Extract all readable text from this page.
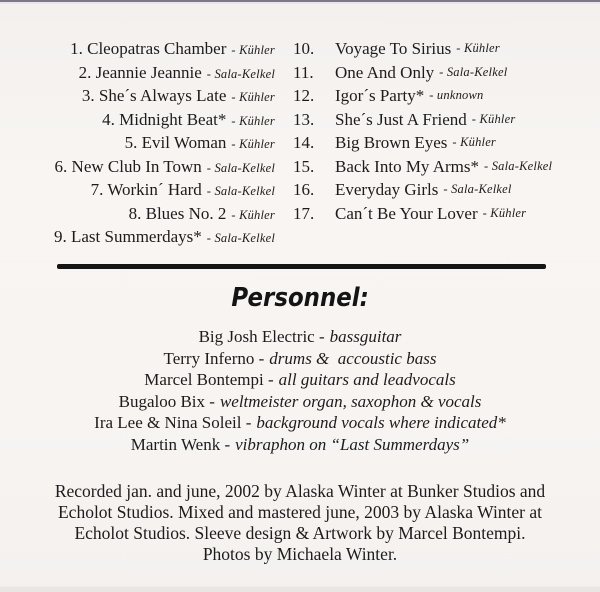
1. Cleopatras Chamber - Kühler
2. Jeannie Jeannie - Sala-Kelkel
3. She´s Always Late - Kühler
4. Midnight Beat* - Kühler
5. Evil Woman - Kühler
6. New Club In Town - Sala-Kelkel
7. Workin´ Hard - Sala-Kelkel
8. Blues No. 2 - Kühler
9. Last Summerdays* - Sala-Kelkel
10.	Voyage To Sirius - Kühler
11.	One And Only - Sala-Kelkel
12.	Igor´s Party* - unknown
13.	She´s Just A Friend - Kühler
14.	Big Brown Eyes - Kühler
15.	Back Into My Arms* - Sala-Kelkel
16.	Everyday Girls - Sala-Kelkel
17.	Can´t Be Your Lover - Kühler
Personnel:
Big Josh Electric - bassguitar
Terry Inferno - drums &  accoustic bass
Marcel Bontempi - all guitars and leadvocals
Bugaloo Bix - weltmeister organ, saxophon & vocals
Ira Lee & Nina Soleil - background vocals where indicated*
Martin Wenk - vibraphon on “Last Summerdays”
Recorded jan. and june, 2002 by Alaska Winter at Bunker Studios and
Echolot Studios. Mixed and mastered june, 2003 by Alaska Winter at
Echolot Studios. Sleeve design & Artwork by Marcel Bontempi.
Photos by Michaela Winter.
